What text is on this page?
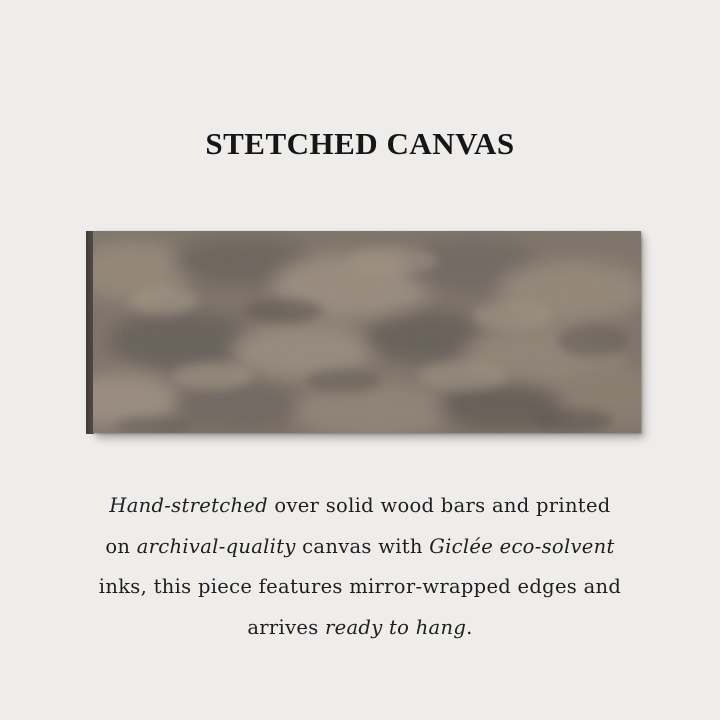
STETCHED CANVAS
Hand-stretched over solid wood bars and printed
on archival-quality canvas with Giclée eco-solvent
inks, this piece features mirror-wrapped edges and
arrives ready to hang.
